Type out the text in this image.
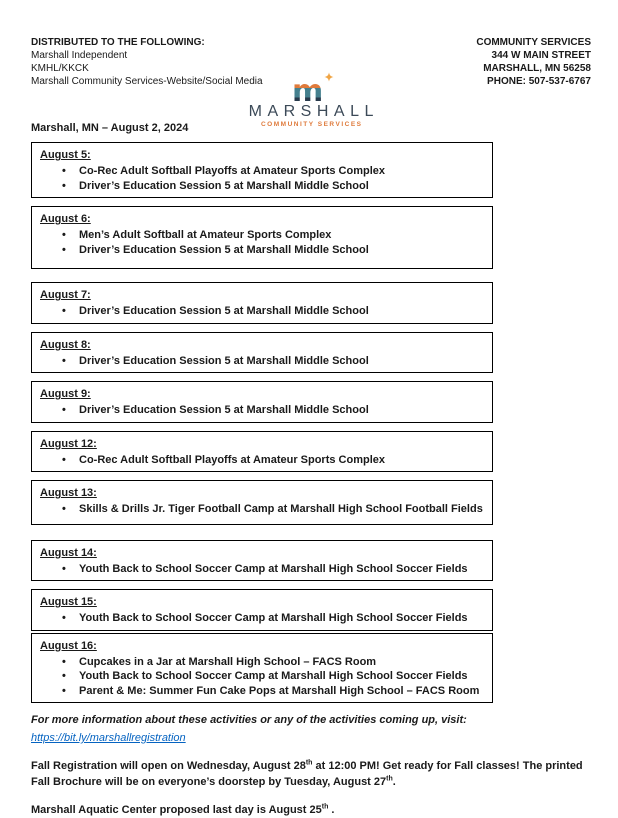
DISTRIBUTED TO THE FOLLOWING:
Marshall Independent
KMHL/KKCK
Marshall Community Services-Website/Social Media
COMMUNITY SERVICES
344 W MAIN STREET
MARSHALL, MN 56258
PHONE: 507-537-6767
m
MARSHALL
COMMUNITY SERVICES
Marshall, MN – August 2, 2024
August 5:
• Co-Rec Adult Softball Playoffs at Amateur Sports Complex
• Driver’s Education Session 5 at Marshall Middle School
August 6:
• Men’s Adult Softball at Amateur Sports Complex
• Driver’s Education Session 5 at Marshall Middle School
August 7:
• Driver’s Education Session 5 at Marshall Middle School
August 8:
• Driver’s Education Session 5 at Marshall Middle School
August 9:
• Driver’s Education Session 5 at Marshall Middle School
August 12:
• Co-Rec Adult Softball Playoffs at Amateur Sports Complex
August 13:
• Skills & Drills Jr. Tiger Football Camp at Marshall High School Football Fields
August 14:
• Youth Back to School Soccer Camp at Marshall High School Soccer Fields
August 15:
• Youth Back to School Soccer Camp at Marshall High School Soccer Fields
August 16:
• Cupcakes in a Jar at Marshall High School – FACS Room
• Youth Back to School Soccer Camp at Marshall High School Soccer Fields
• Parent & Me: Summer Fun Cake Pops at Marshall High School – FACS Room
For more information about these activities or any of the activities coming up, visit:
https://bit.ly/marshallregistration
Fall Registration will open on Wednesday, August 28th at 12:00 PM! Get ready for Fall classes! The printed Fall Brochure will be on everyone’s doorstep by Tuesday, August 27th.
Marshall Aquatic Center proposed last day is August 25th .
